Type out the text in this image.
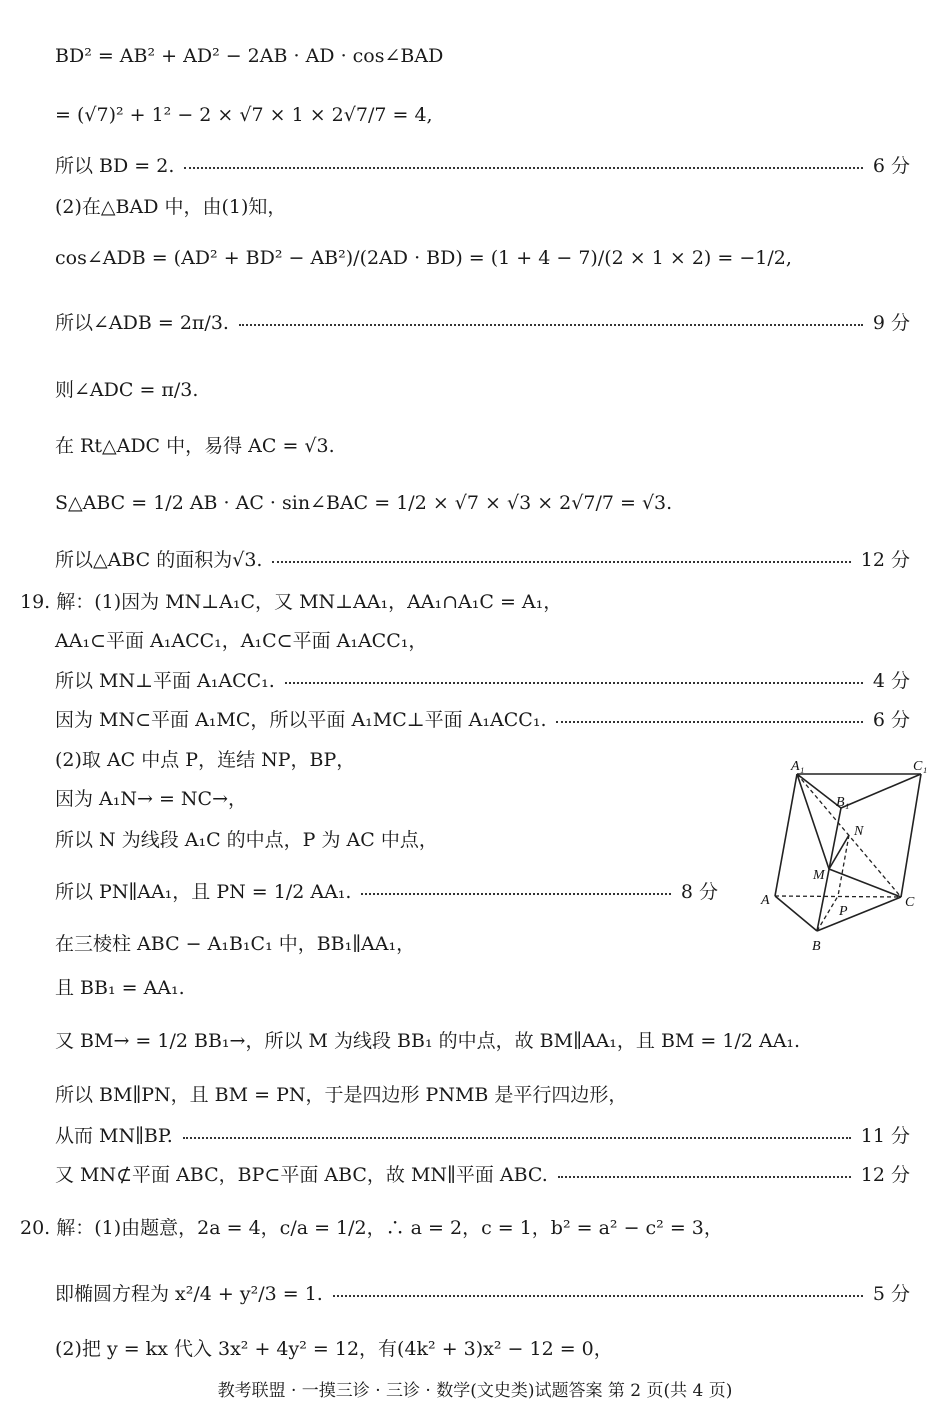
BD² = AB² + AD² − 2AB · AD · cos∠BAD
= (√7)² + 1² − 2 × √7 × 1 × 2√7/7 = 4,
所以 BD = 2.	6 分
(2)在△BAD 中，由(1)知，
cos∠ADB = (AD² + BD² − AB²)/(2AD · BD) = (1 + 4 − 7)/(2 × 1 × 2) = −1/2,
所以∠ADB = 2π/3.	9 分
则∠ADC = π/3.
在 Rt△ADC 中，易得 AC = √3.
S△ABC = 1/2 AB · AC · sin∠BAC = 1/2 × √7 × √3 × 2√7/7 = √3.
所以△ABC 的面积为√3.	12 分
19. 解：(1)因为 MN⊥A₁C，又 MN⊥AA₁，AA₁∩A₁C = A₁，
AA₁⊂平面 A₁ACC₁，A₁C⊂平面 A₁ACC₁，
所以 MN⊥平面 A₁ACC₁.	4 分
因为 MN⊂平面 A₁MC，所以平面 A₁MC⊥平面 A₁ACC₁.	6 分
(2)取 AC 中点 P，连结 NP，BP，
因为 A₁N→ = NC→，
所以 N 为线段 A₁C 的中点，P 为 AC 中点，
所以 PN∥AA₁，且 PN = 1/2 AA₁.	8 分
在三棱柱 ABC − A₁B₁C₁ 中，BB₁∥AA₁，
且 BB₁ = AA₁.
又 BM→ = 1/2 BB₁→，所以 M 为线段 BB₁ 的中点，故 BM∥AA₁，且 BM = 1/2 AA₁.
所以 BM∥PN，且 BM = PN，于是四边形 PNMB 是平行四边形，
从而 MN∥BP.	11 分
又 MN⊄平面 ABC，BP⊂平面 ABC，故 MN∥平面 ABC.	12 分
20. 解：(1)由题意，2a = 4，c/a = 1/2，∴ a = 2，c = 1，b² = a² − c² = 3，
即椭圆方程为 x²/4 + y²/3 = 1.	5 分
(2)把 y = kx 代入 3x² + 4y² = 12，有(4k² + 3)x² − 12 = 0，
A₁	C₁
B₁
N
M
A
P
C
B
教考联盟 · 一摸三诊 · 三诊 · 数学(文史类)试题答案 第 2 页(共 4 页)
